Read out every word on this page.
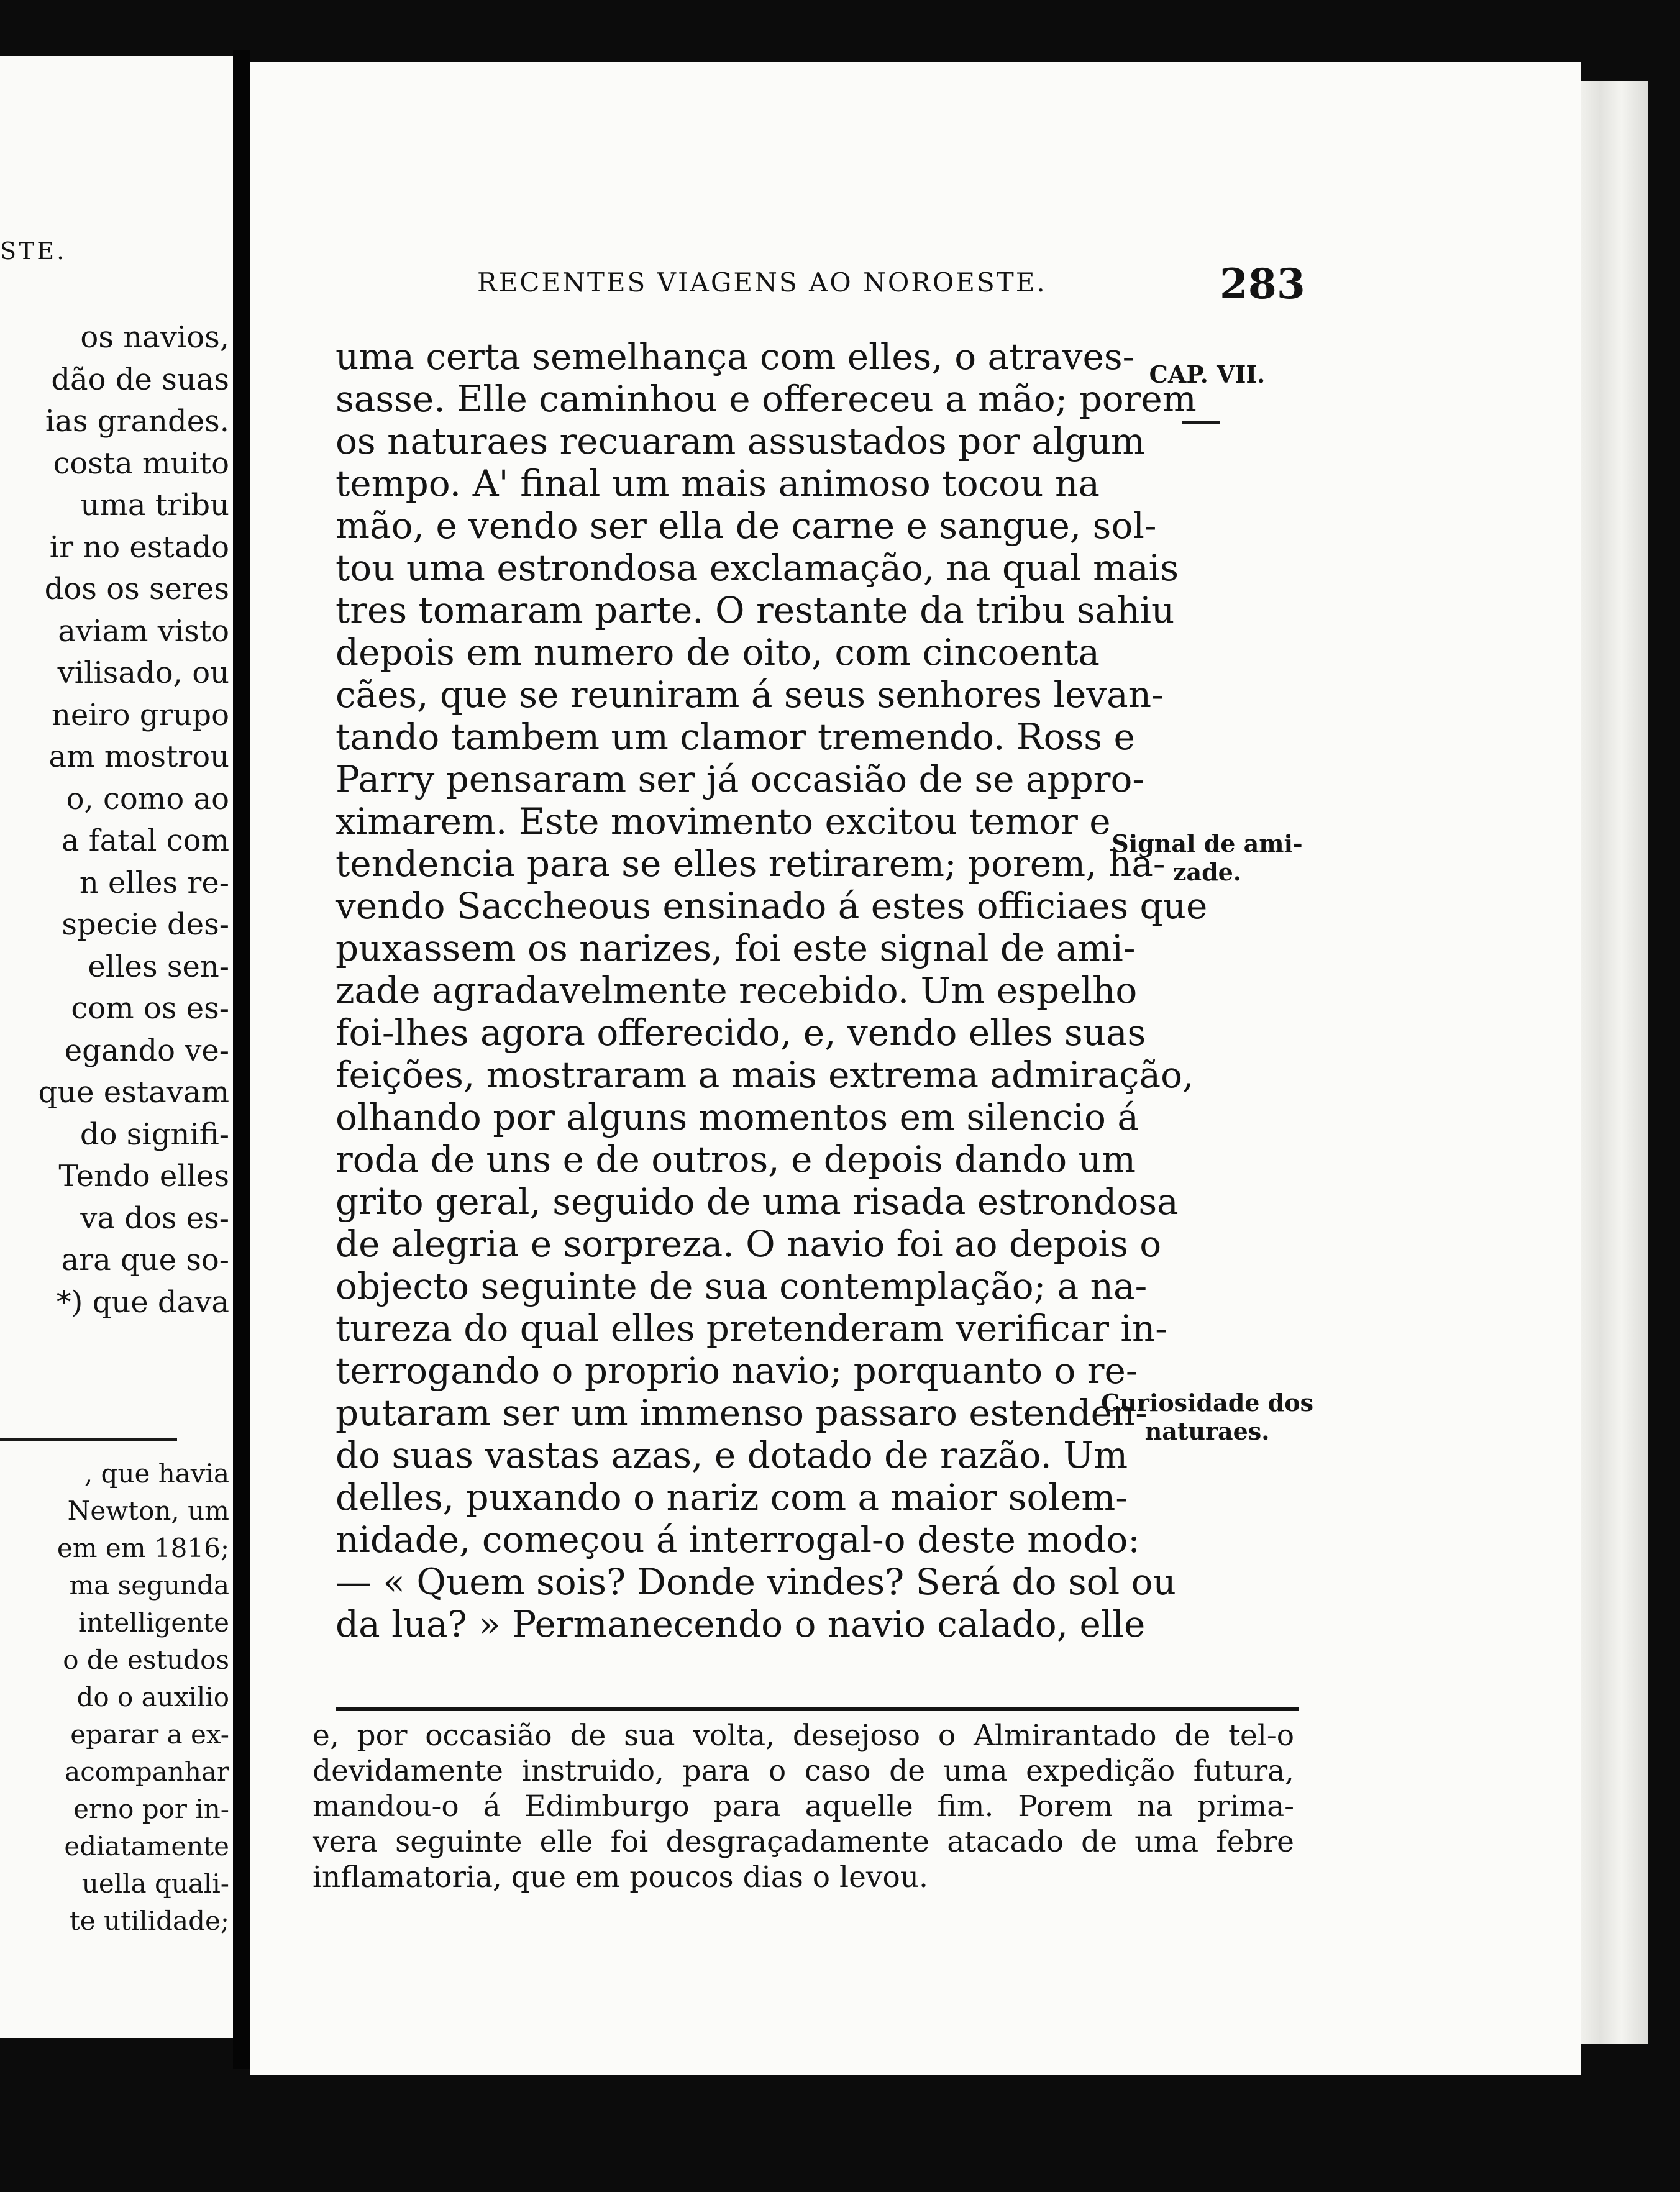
STE.
os navios,
dão de suas
ias grandes.
costa muito
uma tribu
ir no estado
dos os seres
aviam visto
vilisado, ou
neiro grupo
am mostrou
o, como ao
a fatal com
n elles re-
specie des-
elles sen-
com os es-
egando ve-
que estavam
do signifi-
Tendo elles
va dos es-
ara que so-
*) que dava
, que havia
Newton, um
em em 1816;
ma segunda
intelligente
o de estudos
do o auxilio
eparar a ex-
acompanhar
erno por in-
ediatamente
uella quali-
te utilidade;
RECENTES VIAGENS AO NOROESTE.	283
CAP. VII.
uma certa semelhança com elles, o atraves-
sasse. Elle caminhou e offereceu a mão; porem
os naturaes recuaram assustados por algum
tempo. A' final um mais animoso tocou na
mão, e vendo ser ella de carne e sangue, sol-
tou uma estrondosa exclamação, na qual mais
tres tomaram parte. O restante da tribu sahiu
depois em numero de oito, com cincoenta
cães, que se reuniram á seus senhores levan-
tando tambem um clamor tremendo. Ross e
Parry pensaram ser já occasião de se appro-
ximarem. Este movimento excitou temor e
tendencia para se elles retirarem; porem, ha-
vendo Saccheous ensinado á estes officiaes que
puxassem os narizes, foi este signal de ami-
zade agradavelmente recebido. Um espelho
foi-lhes agora offerecido, e, vendo elles suas
feições, mostraram a mais extrema admiração,
olhando por alguns momentos em silencio á
roda de uns e de outros, e depois dando um
grito geral, seguido de uma risada estrondosa
de alegria e sorpreza. O navio foi ao depois o
objecto seguinte de sua contemplação; a na-
tureza do qual elles pretenderam verificar in-
terrogando o proprio navio; porquanto o re-
putaram ser um immenso passaro estenden-
do suas vastas azas, e dotado de razão. Um
delles, puxando o nariz com a maior solem-
nidade, começou á interrogal-o deste modo:
— « Quem sois? Donde vindes? Será do sol ou
da lua? » Permanecendo o navio calado, elle
Signal de ami-
zade.
Curiosidade dos
naturaes.
e, por occasião de sua volta, desejoso o Almirantado de tel-o
devidamente instruido, para o caso de uma expedição futura,
mandou-o á Edimburgo para aquelle fim. Porem na prima-
vera seguinte elle foi desgraçadamente atacado de uma febre
inflamatoria, que em poucos dias o levou.
